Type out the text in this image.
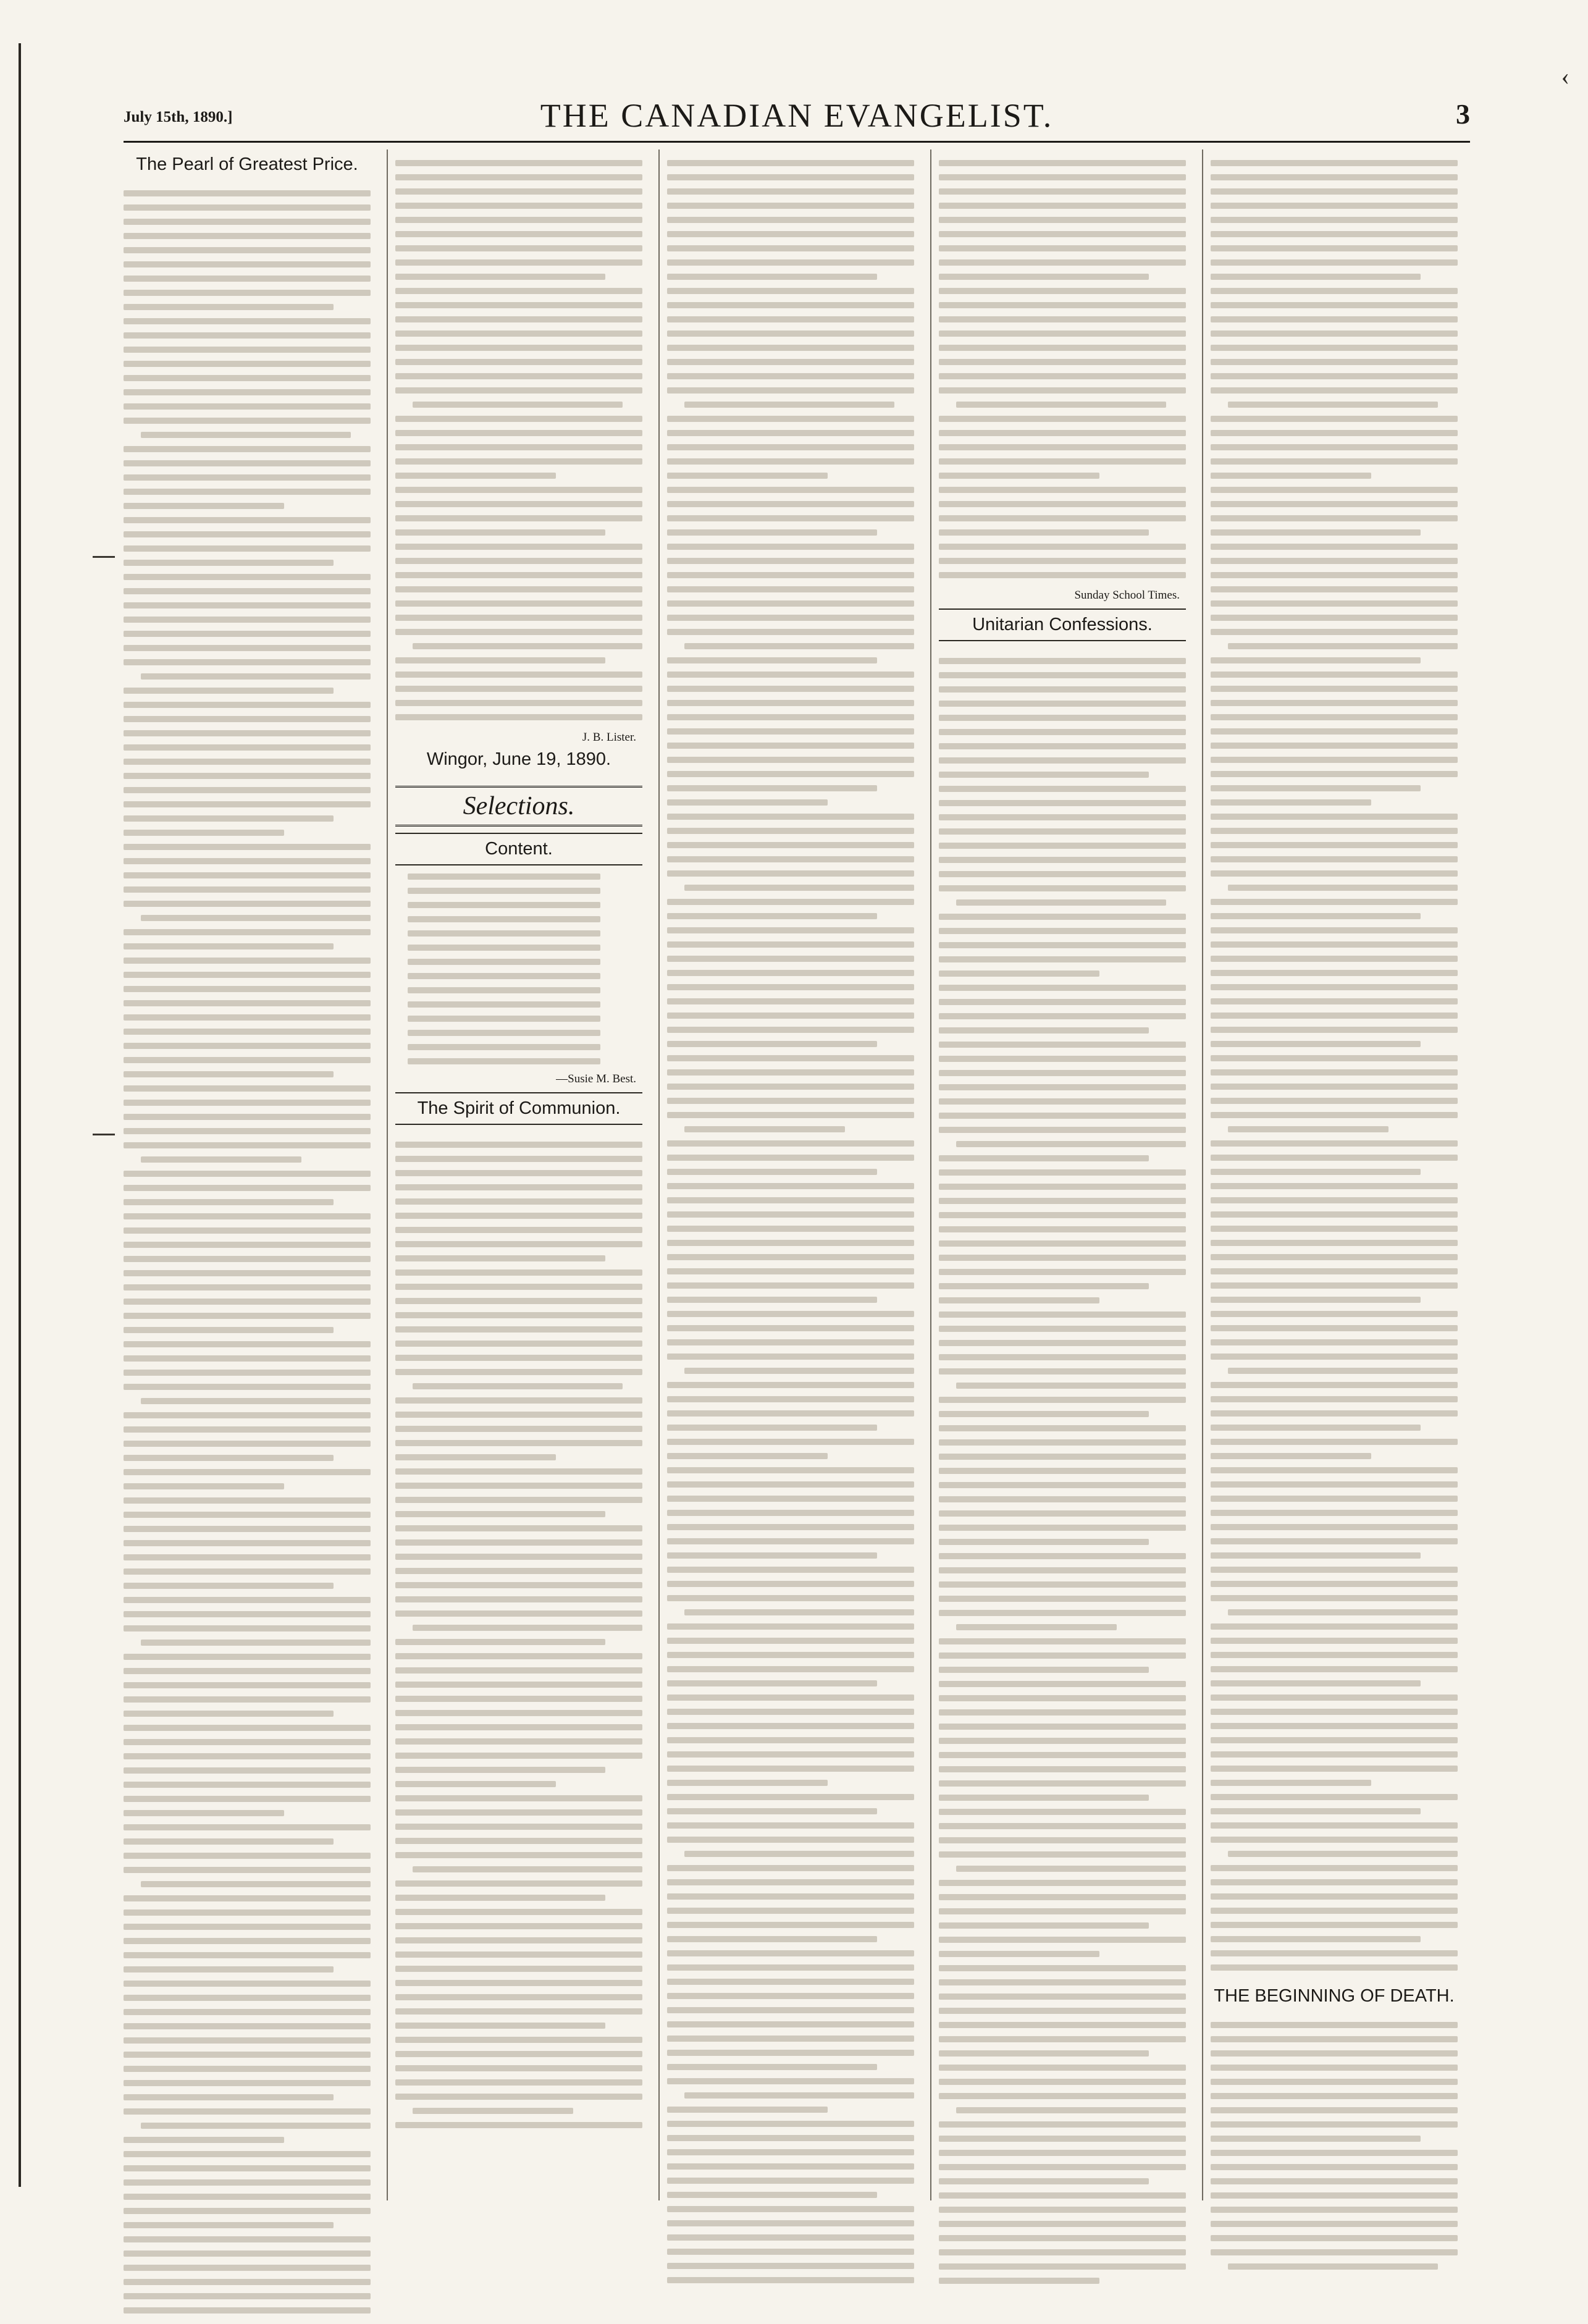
‹
July 15th, 1890.]	THE CANADIAN EVANGELIST.	3
The Pearl of Greatest Price.
J. B. Lister.
Wingor, June 19, 1890.
Selections.
Content.
—Susie M. Best.
The Spirit of Communion.
Sunday School Times.
Unitarian Confessions.
THE BEGINNING OF DEATH.
